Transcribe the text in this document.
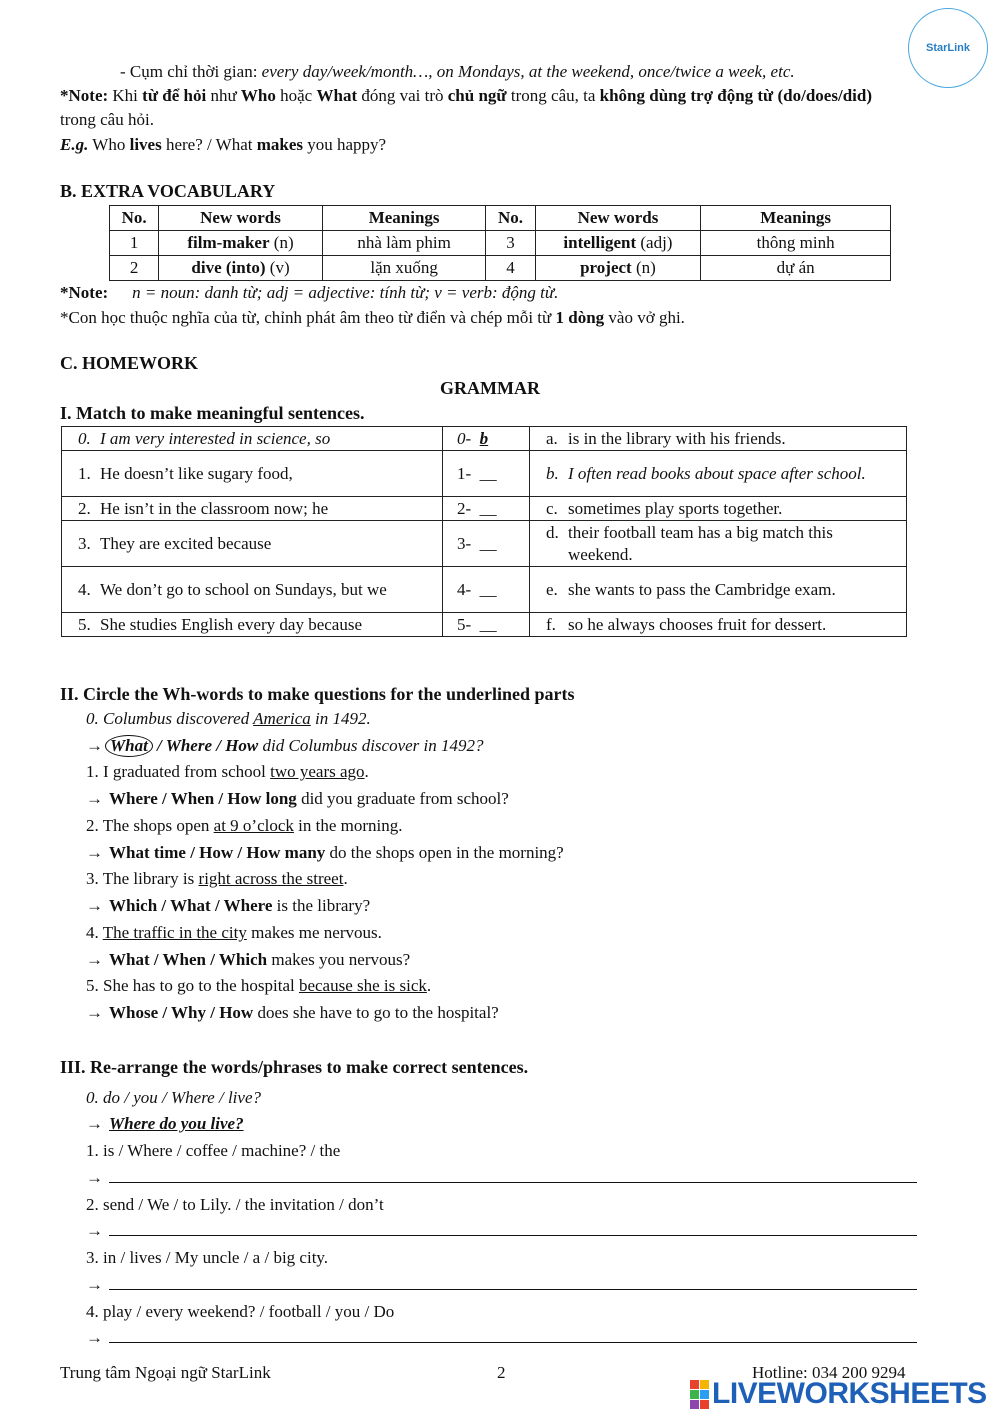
StarLink
- Cụm chỉ thời gian: every day/week/month…, on Mondays, at the weekend, once/twice a week, etc.
*Note: Khi từ để hỏi như Who hoặc What đóng vai trò chủ ngữ trong câu, ta không dùng trợ động từ (do/does/did)
trong câu hỏi.
E.g. Who lives here? / What makes you happy?
B. EXTRA VOCABULARY
No.	New words	Meanings	No.	New words	Meanings
1	film-maker (n)	nhà làm phim	3	intelligent (adj)	thông minh
2	dive (into) (v)	lặn xuống	4	project (n)	dự án
*Note: n = noun: danh từ; adj = adjective: tính từ; v = verb: động từ.
*Con học thuộc nghĩa của từ, chỉnh phát âm theo từ điển và chép mỗi từ 1 dòng vào vở ghi.
C. HOMEWORK
GRAMMAR
I. Match to make meaningful sentences.
0. I am very interested in science, so	0- b	a. is in the library with his friends.
1. He doesn’t like sugary food,	1- __	b. I often read books about space after school.

2. He isn’t in the classroom now; he	2- __	c. sometimes play sports together.
3. They are excited because	3- __	d. their football team has a big match this weekend.

4. We don’t go to school on Sundays, but we	4- __	e. she wants to pass the Cambridge exam.
5. She studies English every day because	5- __	f. so he always chooses fruit for dessert.
II. Circle the Wh-words to make questions for the underlined parts
0. Columbus discovered America in 1492.
→ What / Where / How did Columbus discover in 1492?
1. I graduated from school two years ago.
→ Where / When / How long did you graduate from school?
2. The shops open at 9 o’clock in the morning.
→ What time / How / How many do the shops open in the morning?
3. The library is right across the street.
→ Which / What / Where is the library?
4. The traffic in the city makes me nervous.
→ What / When / Which makes you nervous?
5. She has to go to the hospital because she is sick.
→ Whose / Why / How does she have to go to the hospital?
III. Re-arrange the words/phrases to make correct sentences.
0. do / you / Where / live?
→ Where do you live?
1. is / Where / coffee / machine? / the
→
2. send / We / to Lily. / the invitation / don’t
→
3. in / lives / My uncle / a / big city.
→
4. play / every weekend? / football / you / Do
→
Trung tâm Ngoại ngữ StarLink	2	Hotline: 034 200 9294
LIVEWORKSHEETS
